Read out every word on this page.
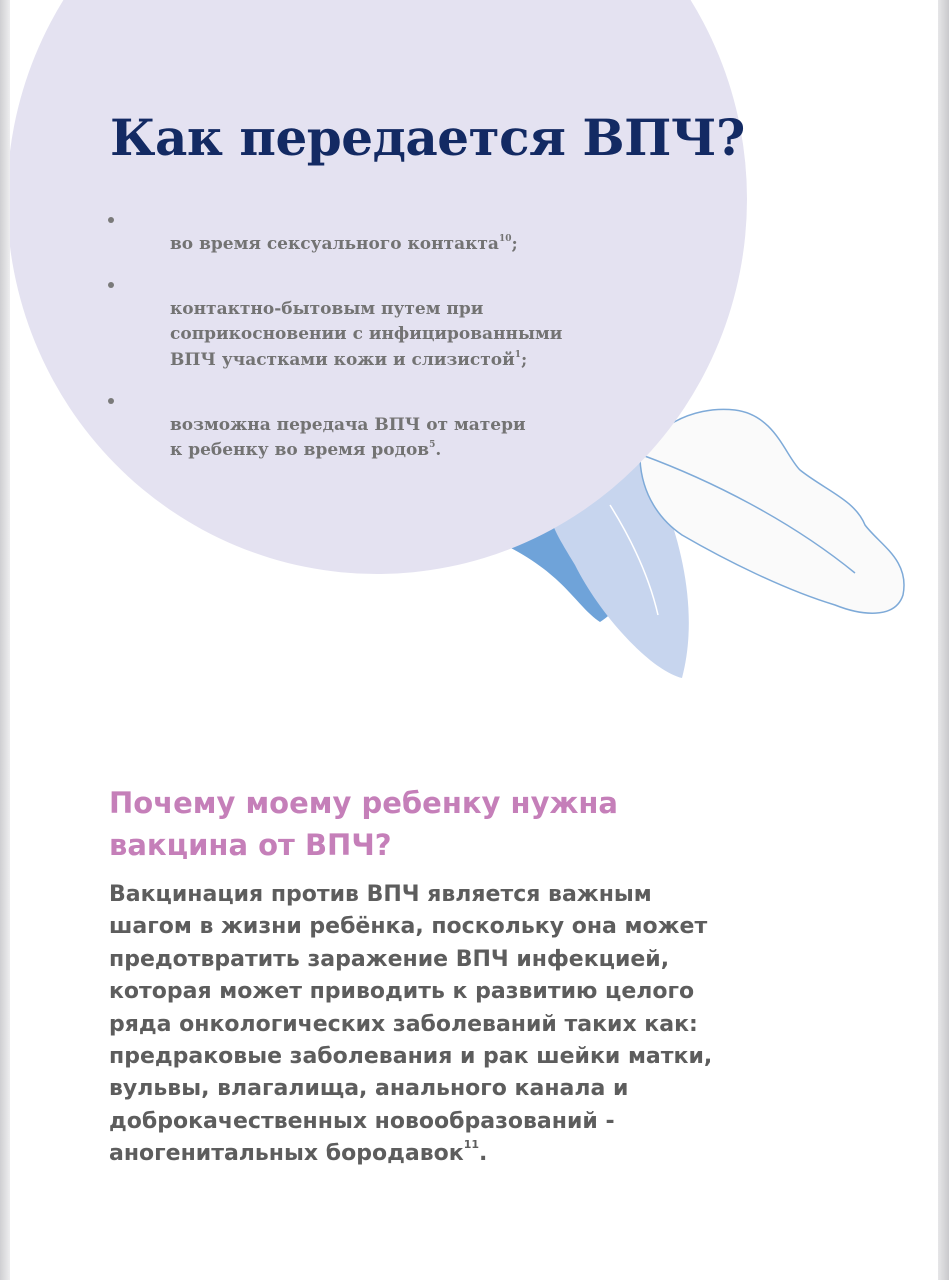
Как передается ВПЧ?

во время сексуального контакта$^{10}$;

контактно-бытовым путем при
соприкосновении с инфицированными
ВПЧ участками кожи и слизистой$^1$;

возможна передача ВПЧ от матери
к ребенку во время родов$^5$.

Почему моему ребенку нужна
вакцина от ВПЧ?

Вакцинация против ВПЧ является важным
шагом в жизни ребёнка, поскольку она может
предотвратить заражение ВПЧ инфекцией,
которая может приводить к развитию целого
ряда онкологических заболеваний таких как:
предраковые заболевания и рак шейки матки,
вульвы, влагалища, анального канала и
доброкачественных новообразований -
аногенитальных бородавок$^{11}$.
